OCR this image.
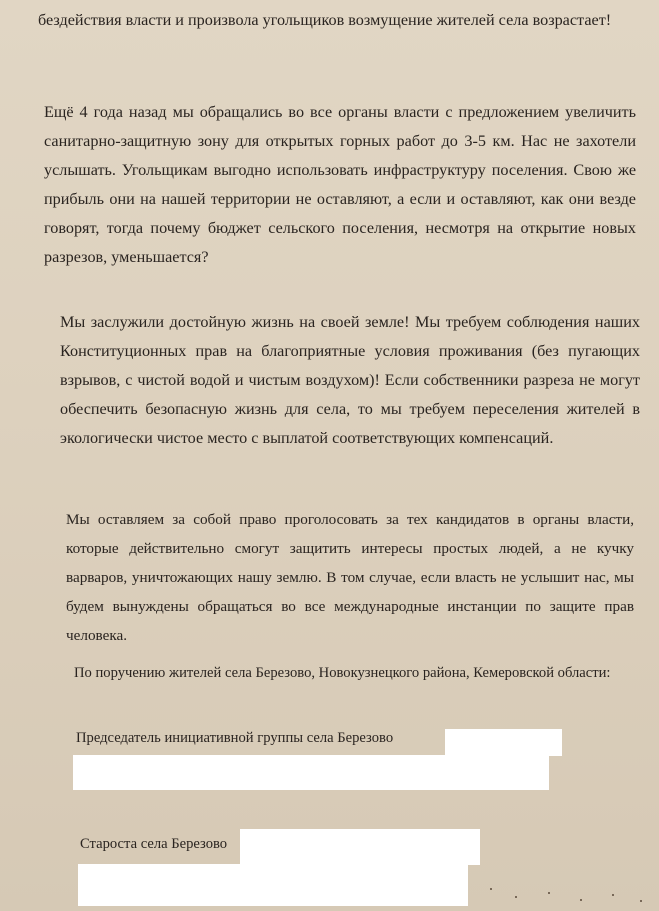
бездействия власти и произвола угольщиков возмущение жителей села возрастает!

Ещё 4 года назад мы обращались во все органы власти с предложением увеличить санитарно-защитную зону для открытых горных работ до 3-5 км. Нас не захотели услышать. Угольщикам выгодно использовать инфраструктуру поселения. Свою же прибыль они на нашей территории не оставляют, а если и оставляют, как они везде говорят, тогда почему бюджет сельского поселения, несмотря на открытие новых разрезов, уменьшается?

Мы заслужили достойную жизнь на своей земле! Мы требуем соблюдения наших Конституционных прав на благоприятные условия проживания (без пугающих взрывов, с чистой водой и чистым воздухом)! Если собственники разреза не могут обеспечить безопасную жизнь для села, то мы требуем переселения жителей в экологически чистое место с выплатой соответствующих компенсаций.

Мы оставляем за собой право проголосовать за тех кандидатов в органы власти, которые действительно смогут защитить интересы простых людей, а не кучку варваров, уничтожающих нашу землю. В том случае, если власть не услышит нас, мы будем вынуждены обращаться во все международные инстанции по защите прав человека.

По поручению жителей села Березово, Новокузнецкого района, Кемеровской области:

Председатель инициативной группы села Березово

Староста села Березово
